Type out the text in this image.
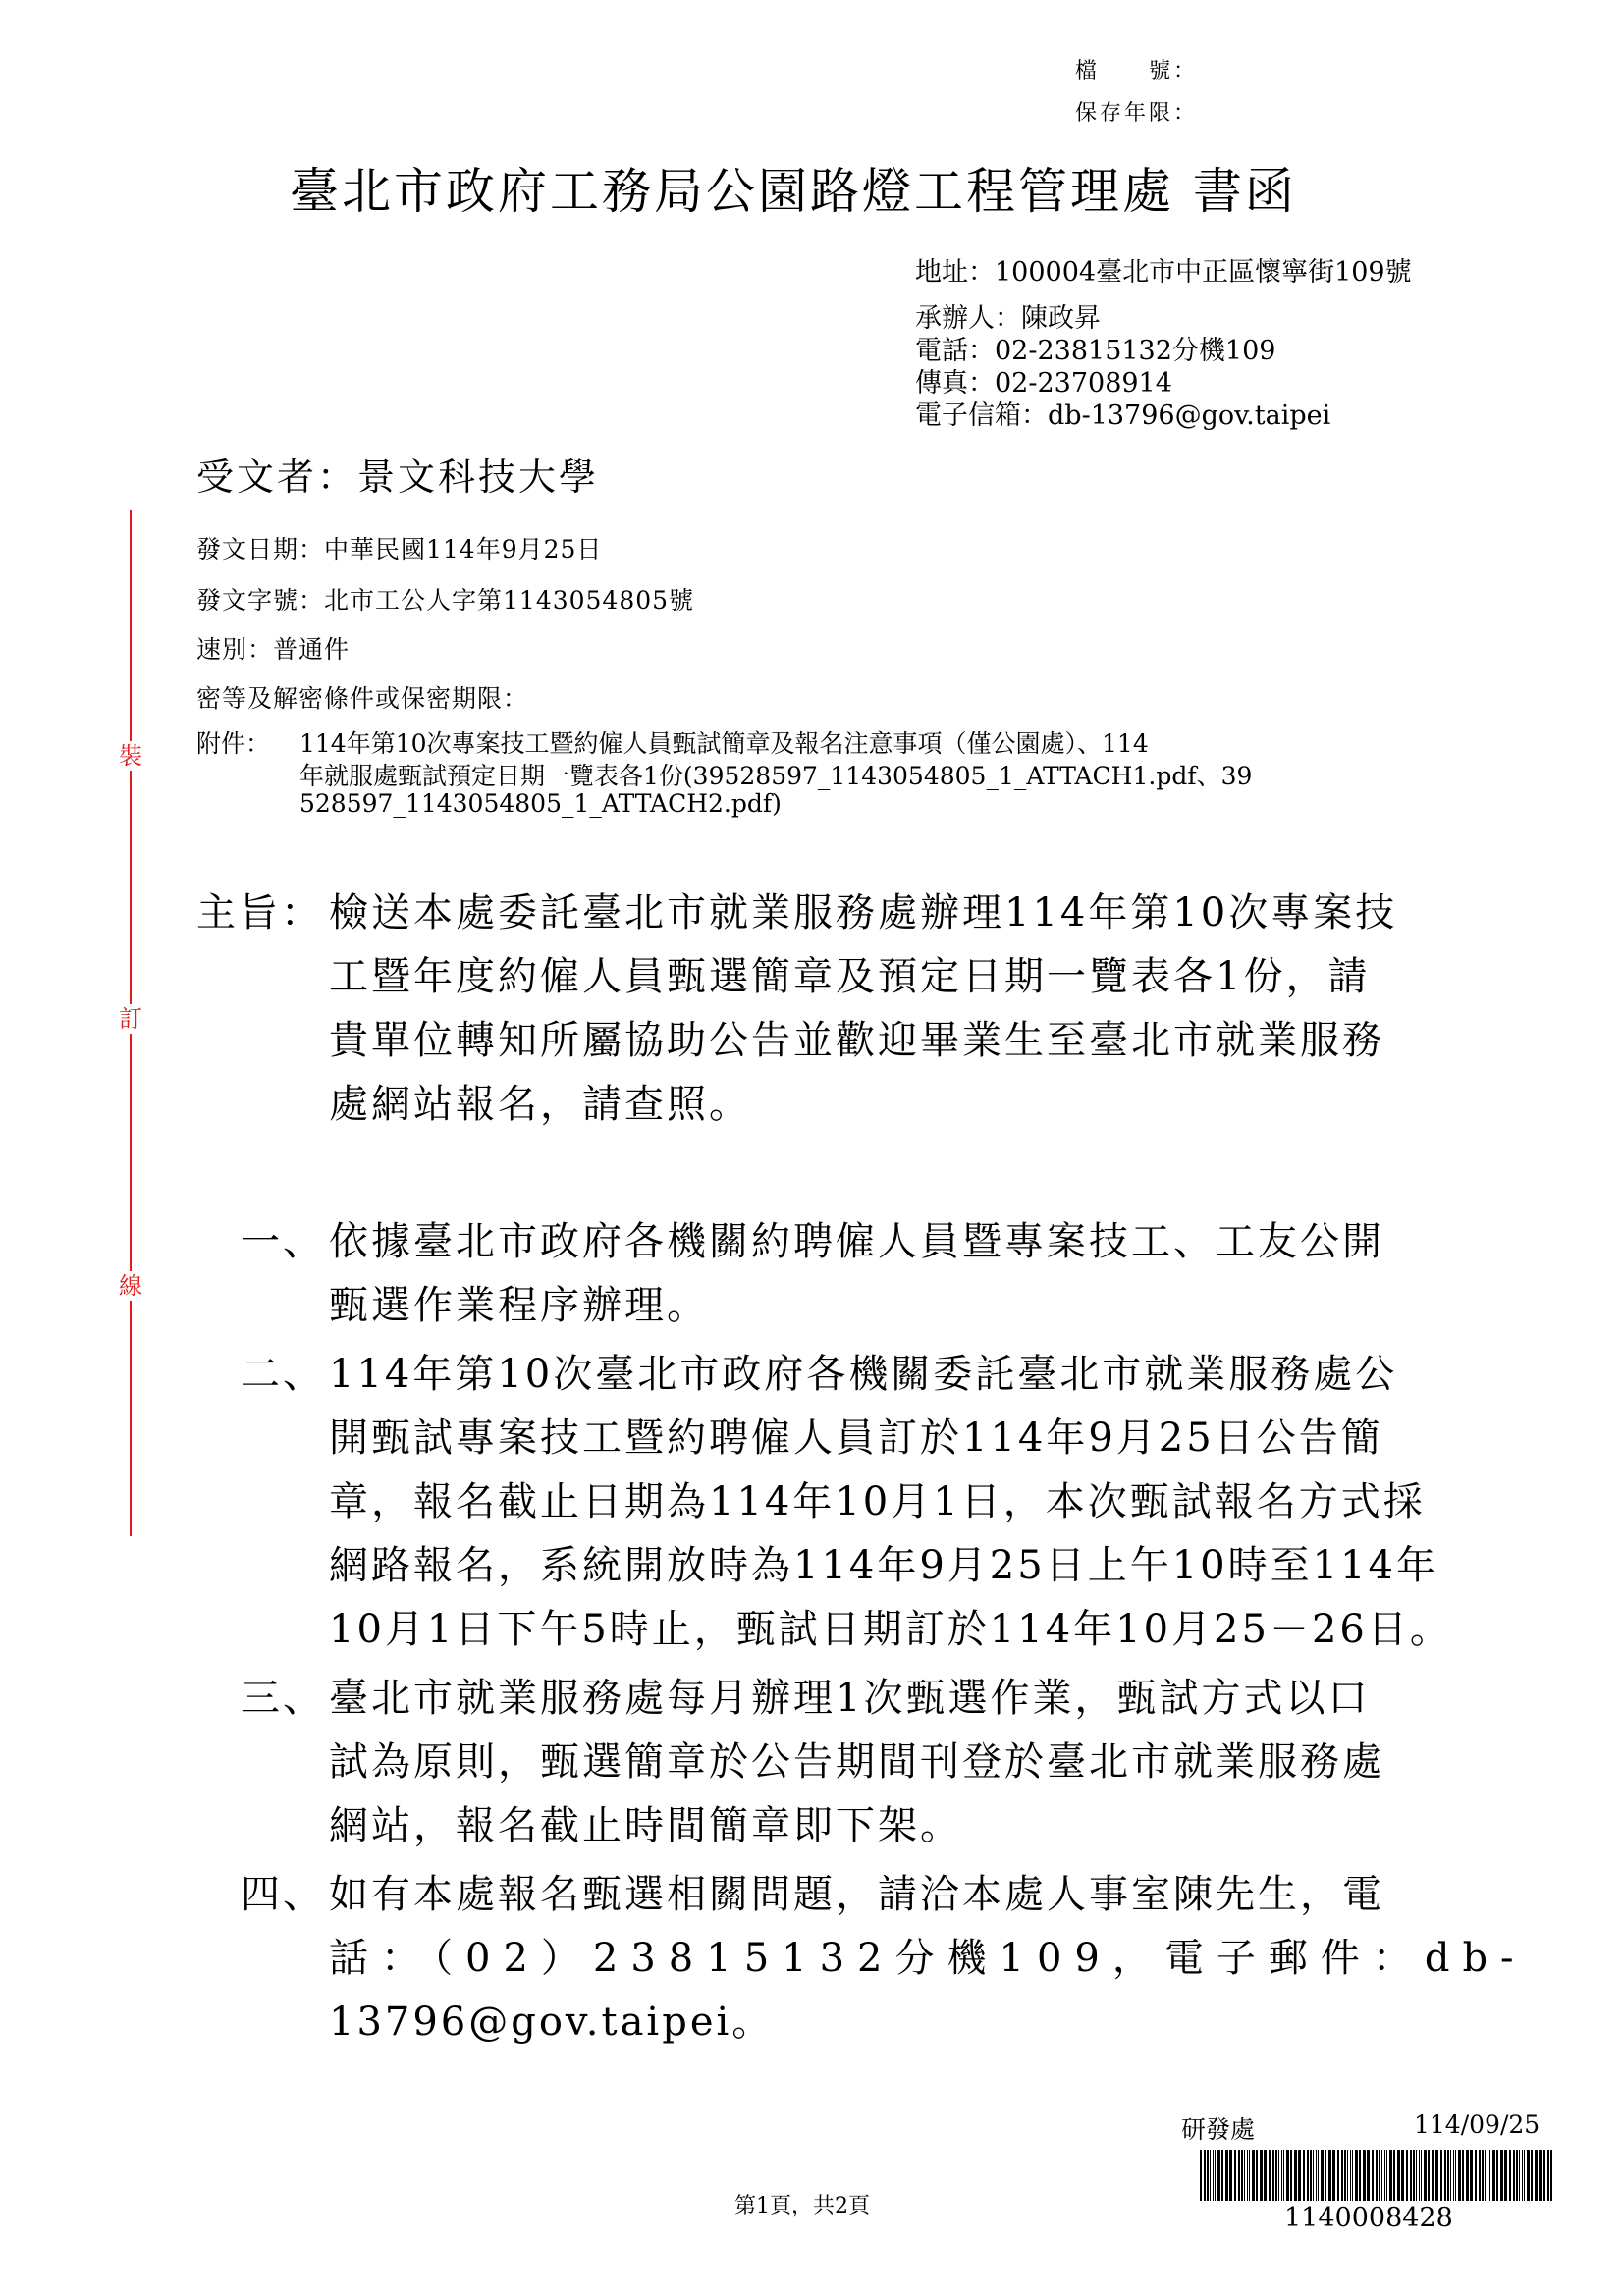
檔　　號：
保存年限：
臺北市政府工務局公園路燈工程管理處 書函
地址：100004臺北市中正區懷寧街109號
承辦人：陳政昇
電話：02-23815132分機109
傳真：02-23708914
電子信箱：db-13796@gov.taipei
受文者：景文科技大學
發文日期：中華民國114年9月25日
發文字號：北市工公人字第1143054805號
速別：普通件
密等及解密條件或保密期限：
附件： 114年第10次專案技工暨約僱人員甄試簡章及報名注意事項（僅公園處）、114
年就服處甄試預定日期一覽表各1份(39528597_1143054805_1_ATTACH1.pdf、39
528597_1143054805_1_ATTACH2.pdf)
裝
訂
線
主旨： 檢送本處委託臺北市就業服務處辦理114年第10次專案技
工暨年度約僱人員甄選簡章及預定日期一覽表各1份，請
貴單位轉知所屬協助公告並歡迎畢業生至臺北市就業服務
處網站報名，請查照。
一、 依據臺北市政府各機關約聘僱人員暨專案技工、工友公開
甄選作業程序辦理。
二、 114年第10次臺北市政府各機關委託臺北市就業服務處公
開甄試專案技工暨約聘僱人員訂於114年9月25日公告簡
章，報名截止日期為114年10月1日，本次甄試報名方式採
網路報名，系統開放時為114年9月25日上午10時至114年
10月1日下午5時止，甄試日期訂於114年10月25－26日。
三、 臺北市就業服務處每月辦理1次甄選作業，甄試方式以口
試為原則，甄選簡章於公告期間刊登於臺北市就業服務處
網站，報名截止時間簡章即下架。
四、 如有本處報名甄選相關問題，請洽本處人事室陳先生，電
話：（02）23815132分機109，電子郵件：db-
13796@gov.taipei。
研發處	114/09/25
1140008428
第1頁，共2頁
